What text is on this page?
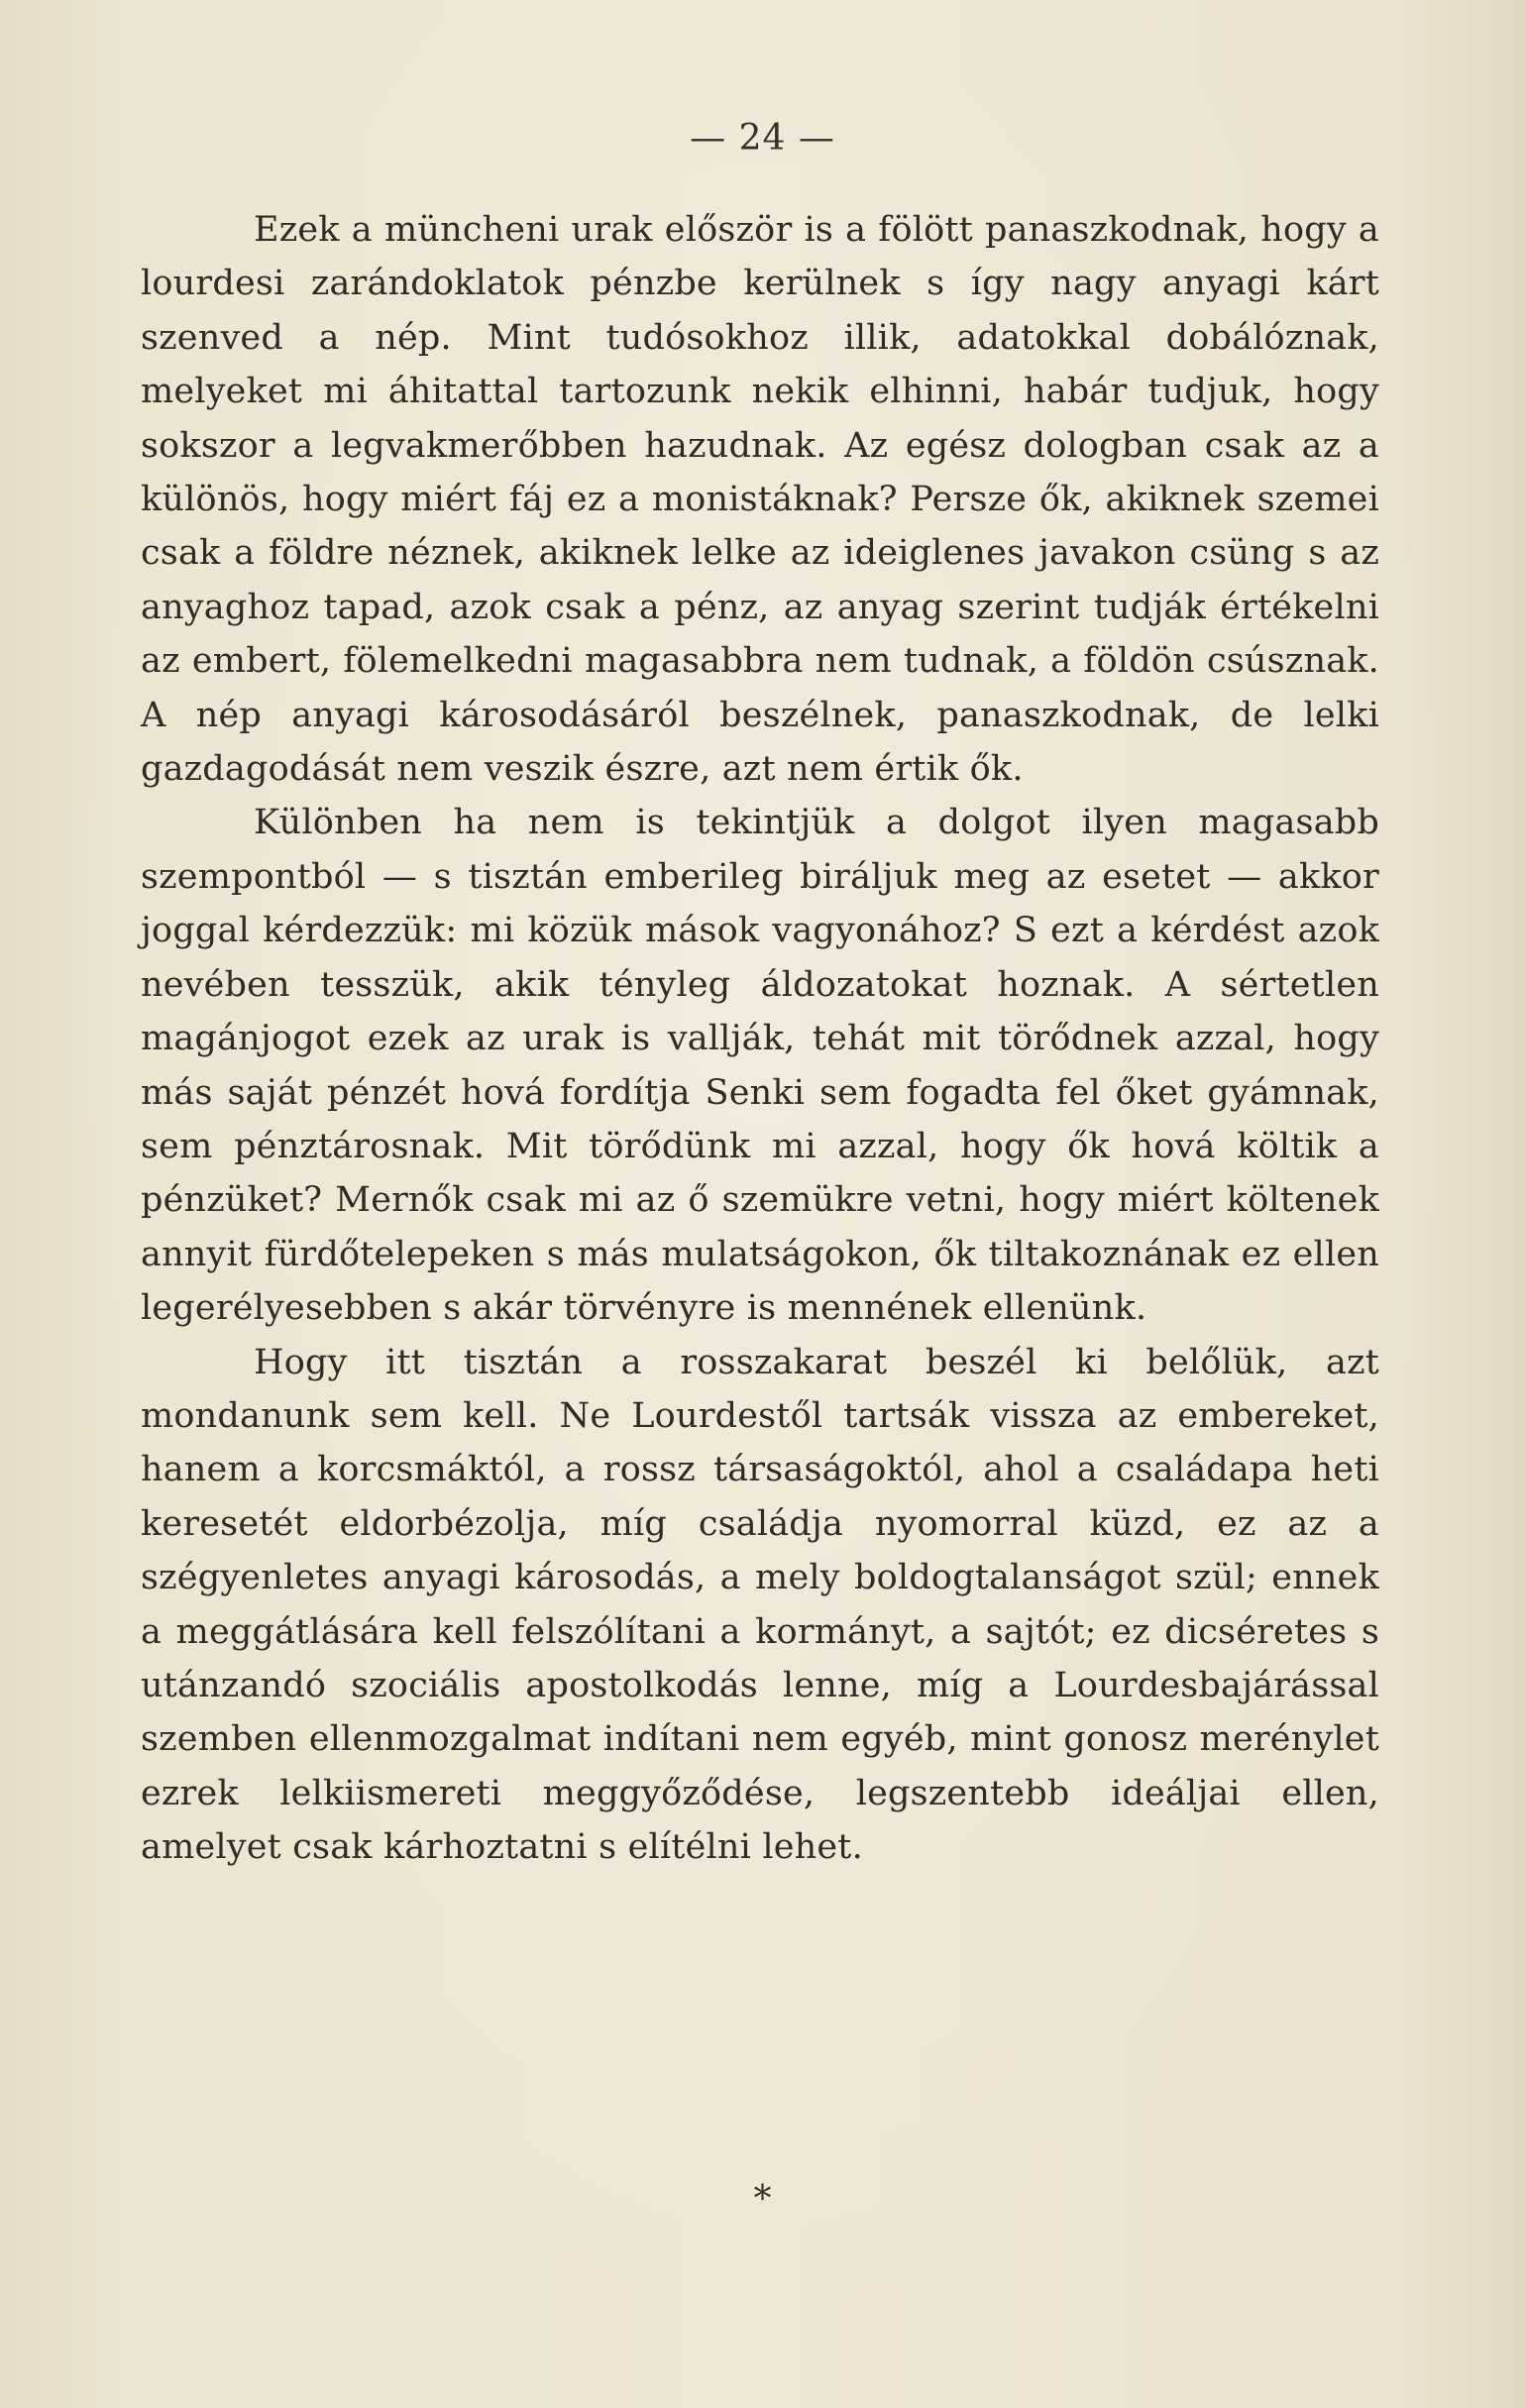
— 24 —

Ezek a müncheni urak először is a fölött panaszkodnak, hogy a lourdesi zarándoklatok pénzbe kerülnek s így nagy anyagi kárt szenved a nép. Mint tudósokhoz illik, adatokkal dobálóznak, melyeket mi áhitattal tartozunk nekik elhinni, habár tudjuk, hogy sokszor a legvakmerőbben hazudnak. Az egész dologban csak az a különös, hogy miért fáj ez a monistáknak? Persze ők, akiknek szemei csak a földre néznek, akiknek lelke az ideiglenes javakon csüng s az anyaghoz tapad, azok csak a pénz, az anyag szerint tudják értékelni az embert, fölemelkedni magasabbra nem tudnak, a földön csúsznak. A nép anyagi károsodásáról beszélnek, panaszkodnak, de lelki gazdagodását nem veszik észre, azt nem értik ők.

Különben ha nem is tekintjük a dolgot ilyen magasabb szempontból — s tisztán emberileg biráljuk meg az esetet — akkor joggal kérdezzük: mi közük mások vagyonához? S ezt a kérdést azok nevében tesszük, akik tényleg áldozatokat hoznak. A sértetlen magánjogot ezek az urak is vallják, tehát mit törődnek azzal, hogy más saját pénzét hová fordítja Senki sem fogadta fel őket gyámnak, sem pénztárosnak. Mit törődünk mi azzal, hogy ők hová költik a pénzüket? Mernők csak mi az ő szemükre vetni, hogy miért költenek annyit fürdőtelepeken s más mulatságokon, ők tiltakoznának ez ellen legerélyesebben s akár törvényre is mennének ellenünk.

Hogy itt tisztán a rosszakarat beszél ki belőlük, azt mondanunk sem kell. Ne Lourdestől tartsák vissza az embereket, hanem a korcsmáktól, a rossz társaságoktól, ahol a családapa heti keresetét eldorbézolja, míg családja nyomorral küzd, ez az a szégyenletes anyagi károsodás, a mely boldogtalanságot szül; ennek a meggátlására kell felszólítani a kormányt, a sajtót; ez dicséretes s utánzandó szociális apostolkodás lenne, míg a Lourdesbajárással szemben ellenmozgalmat indítani nem egyéb, mint gonosz merénylet ezrek lelkiismereti meggyőződése, legszentebb ideáljai ellen, amelyet csak kárhoztatni s elítélni lehet.

*
